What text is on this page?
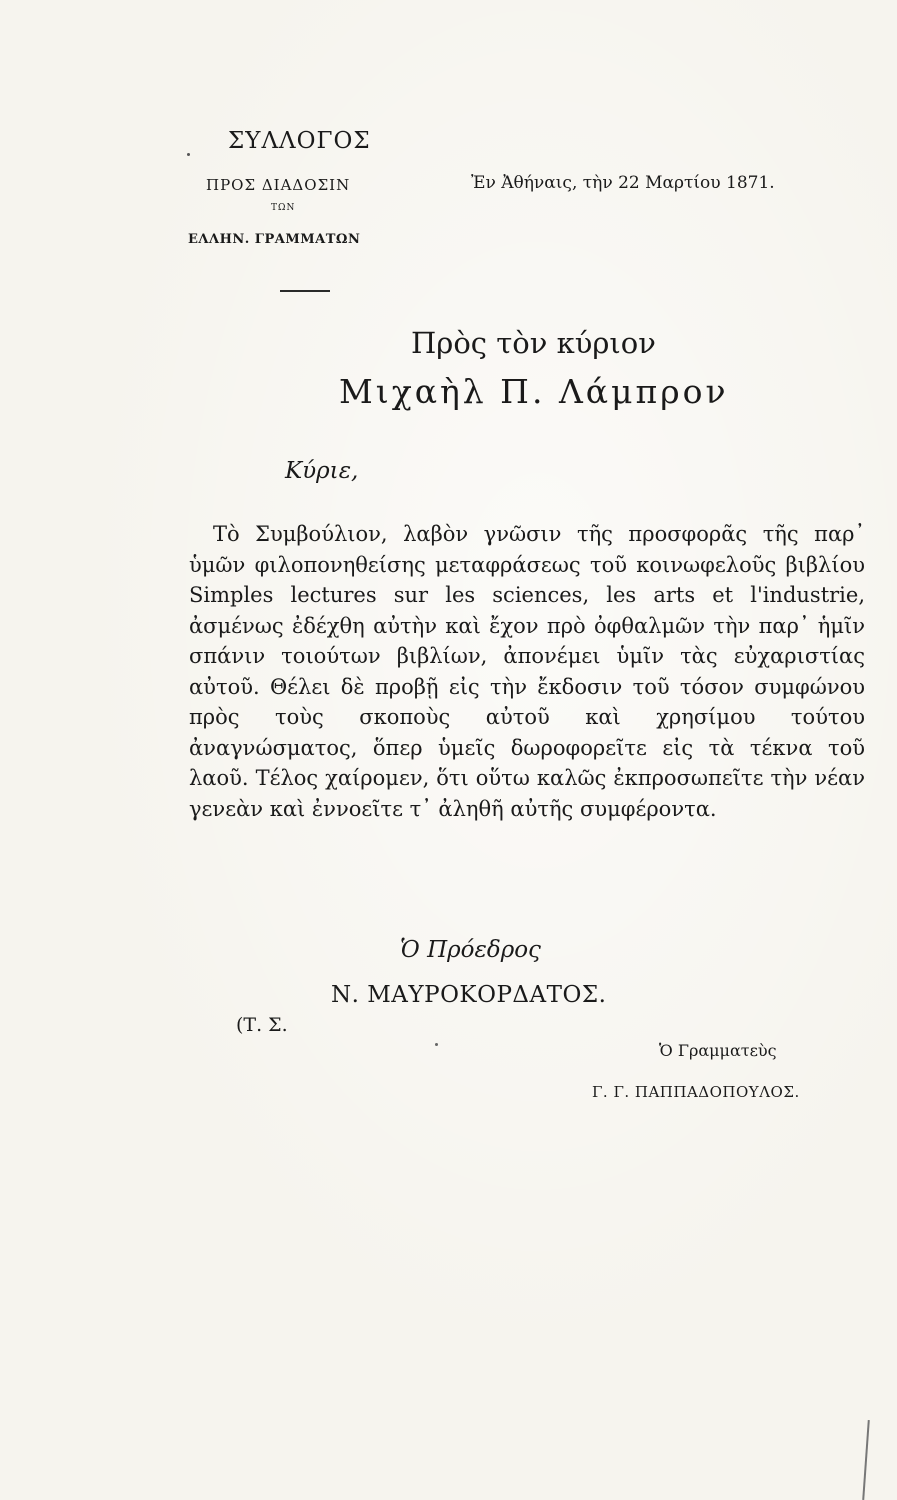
ΣΥΛΛΟΓΟΣ
ΠΡΟΣ ΔΙΑΔΟΣΙΝ
ΤΩΝ
ΕΛΛΗΝ. ΓΡΑΜΜΑΤΩΝ
Ἐν Ἀθήναις, τὴν 22 Μαρτίου 1871.
Πρὸς τὸν κύριον
Μιχαὴλ Π. Λάμπρον
Κύριε,

Τὸ Συμβούλιον, λαβὸν γνῶσιν τῆς προσφορᾶς τῆς παρ᾽ ὑμῶν φιλοπονηθείσης μεταφράσεως τοῦ κοινωφελοῦς βιβλίου Simples lectures sur les sciences, les arts et l'industrie, ἀσμένως ἐδέχθη αὐτὴν καὶ ἔχον πρὸ ὀφθαλμῶν τὴν παρ᾽ ἡμῖν σπάνιν τοιούτων βιβλίων, ἀπονέμει ὑμῖν τὰς εὐχαριστίας αὐτοῦ. Θέλει δὲ προβῇ εἰς τὴν ἔκδοσιν τοῦ τόσον συμφώνου πρὸς τοὺς σκοποὺς αὐτοῦ καὶ χρησίμου τούτου ἀναγνώσματος, ὅπερ ὑμεῖς δωροφορεῖτε εἰς τὰ τέκνα τοῦ λαοῦ. Τέλος χαίρομεν, ὅτι οὕτω καλῶς ἐκπροσωπεῖτε τὴν νέαν γενεὰν καὶ ἐννοεῖτε τ᾽ ἀληθῆ αὐτῆς συμφέροντα.

Ὁ Πρόεδρος
Ν. ΜΑΥΡΟΚΟΡΔΑΤΟΣ.
(Τ. Σ.
Ὁ Γραμματεὺς
Γ. Γ. ΠΑΠΠΑΔΟΠΟΥΛΟΣ.
